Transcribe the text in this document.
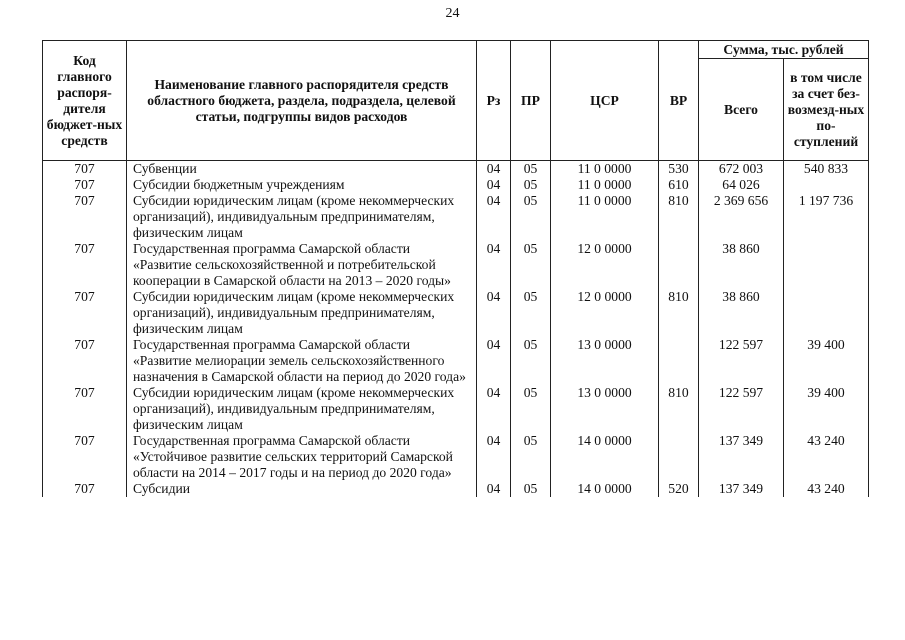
24
Код главного распоря-дителя бюджет-ных средств	Наименование главного распорядителя средств областного бюджета, раздела, подраздела, целевой статьи, подгруппы видов расходов	Рз	ПР	ЦСР	ВР	Сумма, тыс. рублей	
						Всего	в том числе за счет без-возмезд-ных по-ступлений
707	Субвенции	04	05	11 0 0000	530	672 003	540 833
707	Субсидии бюджетным учреждениям	04	05	11 0 0000	610	64 026	
707	Субсидии юридическим лицам (кроме некоммерческих организаций), индивидуальным предпринимателям, физическим лицам	04	05	11 0 0000	810	2 369 656	1 197 736
707	Государственная программа Самарской области «Развитие сельскохозяйственной и потребительской кооперации в Самарской области на 2013 – 2020 годы»	04	05	12 0 0000		38 860	
707	Субсидии юридическим лицам (кроме некоммерческих организаций), индивидуальным предпринимателям, физическим лицам	04	05	12 0 0000	810	38 860	
707	Государственная программа Самарской области «Развитие мелиорации земель сельскохозяйственного назначения в Самарской области на период до 2020 года»	04	05	13 0 0000		122 597	39 400
707	Субсидии юридическим лицам (кроме некоммерческих организаций), индивидуальным предпринимателям, физическим лицам	04	05	13 0 0000	810	122 597	39 400
707	Государственная программа Самарской области «Устойчивое развитие сельских территорий Самарской области на 2014 – 2017 годы и на период до 2020 года»	04	05	14 0 0000		137 349	43 240
707	Субсидии	04	05	14 0 0000	520	137 349	43 240
